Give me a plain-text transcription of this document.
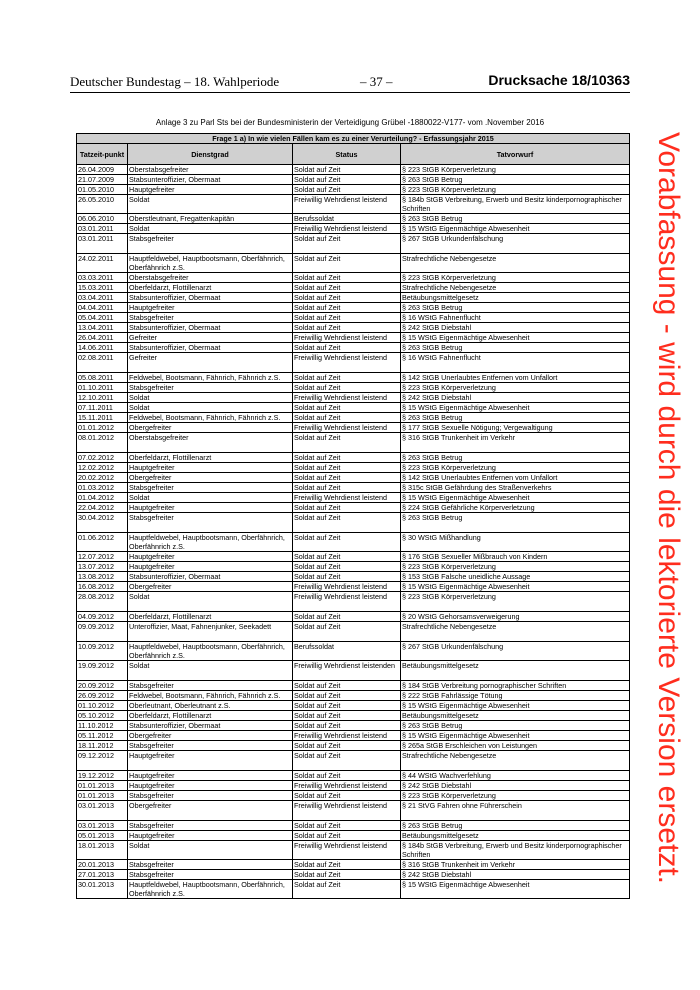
Deutscher Bundestag – 18. Wahlperiode	– 37 –	Drucksache 18/10363
Anlage 3 zu Parl Sts bei der Bundesministerin der Verteidigung Grübel -1880022-V177- vom .November 2016
Frage 1 a) In wie vielen Fällen kam es zu einer Verurteilung? - Erfassungsjahr 2015			
Tatzeit-punkt	Dienstgrad	Status	Tatvorwurf
26.04.2009	Oberstabsgefreiter	Soldat auf Zeit	§ 223 StGB Körperverletzung
21.07.2009	Stabsunteroffizier, Obermaat	Soldat auf Zeit	§ 263 StGB Betrug
01.05.2010	Hauptgefreiter	Soldat auf Zeit	§ 223 StGB Körperverletzung
26.05.2010	Soldat	Freiwillig Wehrdienst leistend	§ 184b StGB Verbreitung, Erwerb und Besitz kinderpornographischer Schriften
06.06.2010	Oberstleutnant, Fregattenkapitän	Berufssoldat	§ 263 StGB Betrug
03.01.2011	Soldat	Freiwillig Wehrdienst leistend	§ 15 WStG Eigenmächtige Abwesenheit
03.01.2011	Stabsgefreiter	Soldat auf Zeit	§ 267 StGB Urkundenfälschung
24.02.2011	Hauptfeldwebel, Hauptbootsmann, Oberfähnrich, Oberfähnrich z.S.	Soldat auf Zeit	Strafrechtliche Nebengesetze
03.03.2011	Oberstabsgefreiter	Soldat auf Zeit	§ 223 StGB Körperverletzung
15.03.2011	Oberfeldarzt, Flottillenarzt	Soldat auf Zeit	Strafrechtliche Nebengesetze
03.04.2011	Stabsunteroffizier, Obermaat	Soldat auf Zeit	Betäubungsmittelgesetz
04.04.2011	Hauptgefreiter	Soldat auf Zeit	§ 263 StGB Betrug
05.04.2011	Stabsgefreiter	Soldat auf Zeit	§ 16 WStG Fahnenflucht
13.04.2011	Stabsunteroffizier, Obermaat	Soldat auf Zeit	§ 242 StGB Diebstahl
26.04.2011	Gefreiter	Freiwillig Wehrdienst leistend	§ 15 WStG Eigenmächtige Abwesenheit
14.06.2011	Stabsunteroffizier, Obermaat	Soldat auf Zeit	§ 263 StGB Betrug
02.08.2011	Gefreiter	Freiwillig Wehrdienst leistend	§ 16 WStG Fahnenflucht
05.08.2011	Feldwebel, Bootsmann, Fähnrich, Fähnrich z.S.	Soldat auf Zeit	§ 142 StGB Unerlaubtes Entfernen vom Unfallort
01.10.2011	Stabsgefreiter	Soldat auf Zeit	§ 223 StGB Körperverletzung
12.10.2011	Soldat	Freiwillig Wehrdienst leistend	§ 242 StGB Diebstahl
07.11.2011	Soldat	Soldat auf Zeit	§ 15 WStG Eigenmächtige Abwesenheit
15.11.2011	Feldwebel, Bootsmann, Fähnrich, Fähnrich z.S.	Soldat auf Zeit	§ 263 StGB Betrug
01.01.2012	Obergefreiter	Freiwillig Wehrdienst leistend	§ 177 StGB Sexuelle Nötigung; Vergewaltigung
08.01.2012	Oberstabsgefreiter	Soldat auf Zeit	§ 316 StGB Trunkenheit im Verkehr
07.02.2012	Oberfeldarzt, Flottillenarzt	Soldat auf Zeit	§ 263 StGB Betrug
12.02.2012	Hauptgefreiter	Soldat auf Zeit	§ 223 StGB Körperverletzung
20.02.2012	Obergefreiter	Soldat auf Zeit	§ 142 StGB Unerlaubtes Entfernen vom Unfallort
01.03.2012	Stabsgefreiter	Soldat auf Zeit	§ 315c StGB Gefährdung des Straßenverkehrs
01.04.2012	Soldat	Freiwillig Wehrdienst leistend	§ 15 WStG Eigenmächtige Abwesenheit
22.04.2012	Hauptgefreiter	Soldat auf Zeit	§ 224 StGB Gefährliche Körperverletzung
30.04.2012	Stabsgefreiter	Soldat auf Zeit	§ 263 StGB Betrug
01.06.2012	Hauptfeldwebel, Hauptbootsmann, Oberfähnrich, Oberfähnrich z.S.	Soldat auf Zeit	§ 30 WStG Mißhandlung
12.07.2012	Hauptgefreiter	Soldat auf Zeit	§ 176 StGB Sexueller Mißbrauch von Kindern
13.07.2012	Hauptgefreiter	Soldat auf Zeit	§ 223 StGB Körperverletzung
13.08.2012	Stabsunteroffizier, Obermaat	Soldat auf Zeit	§ 153 StGB Falsche uneidliche Aussage
16.08.2012	Obergefreiter	Freiwillig Wehrdienst leistend	§ 15 WStG Eigenmächtige Abwesenheit
28.08.2012	Soldat	Freiwillig Wehrdienst leistend	§ 223 StGB Körperverletzung
04.09.2012	Oberfeldarzt, Flottillenarzt	Soldat auf Zeit	§ 20 WStG Gehorsamsverweigerung
09.09.2012	Unteroffizier, Maat, Fahnenjunker, Seekadett	Soldat auf Zeit	Strafrechtliche Nebengesetze
10.09.2012	Hauptfeldwebel, Hauptbootsmann, Oberfähnrich, Oberfähnrich z.S.	Berufssoldat	§ 267 StGB Urkundenfälschung
19.09.2012	Soldat	Freiwillig Wehrdienst leistenden	Betäubungsmittelgesetz
20.09.2012	Stabsgefreiter	Soldat auf Zeit	§ 184 StGB Verbreitung pornographischer Schriften
26.09.2012	Feldwebel, Bootsmann, Fähnrich, Fähnrich z.S.	Soldat auf Zeit	§ 222 StGB Fahrlässige Tötung
01.10.2012	Oberleutnant, Oberleutnant z.S.	Soldat auf Zeit	§ 15 WStG Eigenmächtige Abwesenheit
05.10.2012	Oberfeldarzt, Flottillenarzt	Soldat auf Zeit	Betäubungsmittelgesetz
11.10.2012	Stabsunteroffizier, Obermaat	Soldat auf Zeit	§ 263 StGB Betrug
05.11.2012	Obergefreiter	Freiwillig Wehrdienst leistend	§ 15 WStG Eigenmächtige Abwesenheit
18.11.2012	Stabsgefreiter	Soldat auf Zeit	§ 265a StGB Erschleichen von Leistungen
09.12.2012	Hauptgefreiter	Soldat auf Zeit	Strafrechtliche Nebengesetze
19.12.2012	Hauptgefreiter	Soldat auf Zeit	§ 44 WStG Wachverfehlung
01.01.2013	Hauptgefreiter	Freiwillig Wehrdienst leistend	§ 242 StGB Diebstahl
01.01.2013	Stabsgefreiter	Soldat auf Zeit	§ 223 StGB Körperverletzung
03.01.2013	Obergefreiter	Freiwillig Wehrdienst leistend	§ 21 StVG Fahren ohne Führerschein
03.01.2013	Stabsgefreiter	Soldat auf Zeit	§ 263 StGB Betrug
05.01.2013	Hauptgefreiter	Soldat auf Zeit	Betäubungsmittelgesetz
18.01.2013	Soldat	Freiwillig Wehrdienst leistend	§ 184b StGB Verbreitung, Erwerb und Besitz kinderpornographischer Schriften
20.01.2013	Stabsgefreiter	Soldat auf Zeit	§ 316 StGB Trunkenheit im Verkehr
27.01.2013	Stabsgefreiter	Soldat auf Zeit	§ 242 StGB Diebstahl
30.01.2013	Hauptfeldwebel, Hauptbootsmann, Oberfähnrich, Oberfähnrich z.S.	Soldat auf Zeit	§ 15 WStG Eigenmächtige Abwesenheit
Vorabfassung - wird durch die lektorierte Version ersetzt.
